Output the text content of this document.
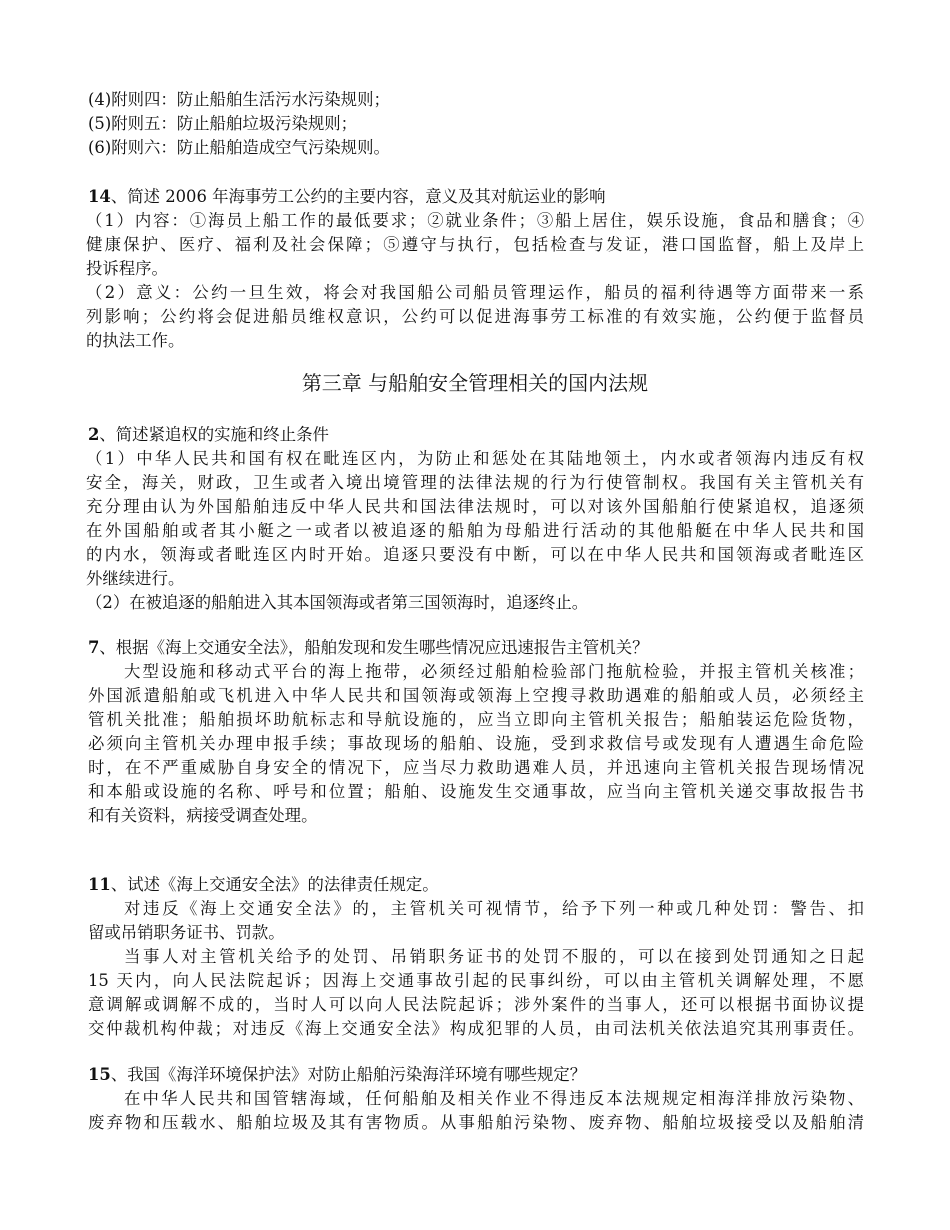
(4)附则四：防止船舶生活污水污染规则；
(5)附则五：防止船舶垃圾污染规则；
(6)附则六：防止船舶造成空气污染规则。
14、简述 2006 年海事劳工公约的主要内容，意义及其对航运业的影响
（1）内容：①海员上船工作的最低要求；②就业条件；③船上居住，娱乐设施，食品和膳食；④
健康保护、医疗、福利及社会保障；⑤遵守与执行，包括检查与发证，港口国监督，船上及岸上
投诉程序。
（2）意义：公约一旦生效，将会对我国船公司船员管理运作，船员的福利待遇等方面带来一系
列影响；公约将会促进船员维权意识，公约可以促进海事劳工标准的有效实施，公约便于监督员
的执法工作。
第三章 与船舶安全管理相关的国内法规
2、简述紧追权的实施和终止条件
（1）中华人民共和国有权在毗连区内，为防止和惩处在其陆地领土，内水或者领海内违反有权
安全，海关，财政，卫生或者入境出境管理的法律法规的行为行使管制权。我国有关主管机关有
充分理由认为外国船舶违反中华人民共和国法律法规时，可以对该外国船舶行使紧追权，追逐须
在外国船舶或者其小艇之一或者以被追逐的船舶为母船进行活动的其他船艇在中华人民共和国
的内水，领海或者毗连区内时开始。追逐只要没有中断，可以在中华人民共和国领海或者毗连区
外继续进行。
（2）在被追逐的船舶进入其本国领海或者第三国领海时，追逐终止。
7、根据《海上交通安全法》，船舶发现和发生哪些情况应迅速报告主管机关？
大型设施和移动式平台的海上拖带，必须经过船舶检验部门拖航检验，并报主管机关核准；
外国派遣船舶或飞机进入中华人民共和国领海或领海上空搜寻救助遇难的船舶或人员，必须经主
管机关批准；船舶损坏助航标志和导航设施的，应当立即向主管机关报告；船舶装运危险货物，
必须向主管机关办理申报手续；事故现场的船舶、设施，受到求救信号或发现有人遭遇生命危险
时，在不严重威胁自身安全的情况下，应当尽力救助遇难人员，并迅速向主管机关报告现场情况
和本船或设施的名称、呼号和位置；船舶、设施发生交通事故，应当向主管机关递交事故报告书
和有关资料，病接受调查处理。
11、试述《海上交通安全法》的法律责任规定。
对违反《海上交通安全法》的，主管机关可视情节，给予下列一种或几种处罚：警告、扣
留或吊销职务证书、罚款。
当事人对主管机关给予的处罚、吊销职务证书的处罚不服的，可以在接到处罚通知之日起
15 天内，向人民法院起诉；因海上交通事故引起的民事纠纷，可以由主管机关调解处理，不愿
意调解或调解不成的，当时人可以向人民法院起诉；涉外案件的当事人，还可以根据书面协议提
交仲裁机构仲裁；对违反《海上交通安全法》构成犯罪的人员，由司法机关依法追究其刑事责任。
15、我国《海洋环境保护法》对防止船舶污染海洋环境有哪些规定？
在中华人民共和国管辖海域，任何船舶及相关作业不得违反本法规规定相海洋排放污染物、
废弃物和压载水、船舶垃圾及其有害物质。从事船舶污染物、废弃物、船舶垃圾接受以及船舶清
